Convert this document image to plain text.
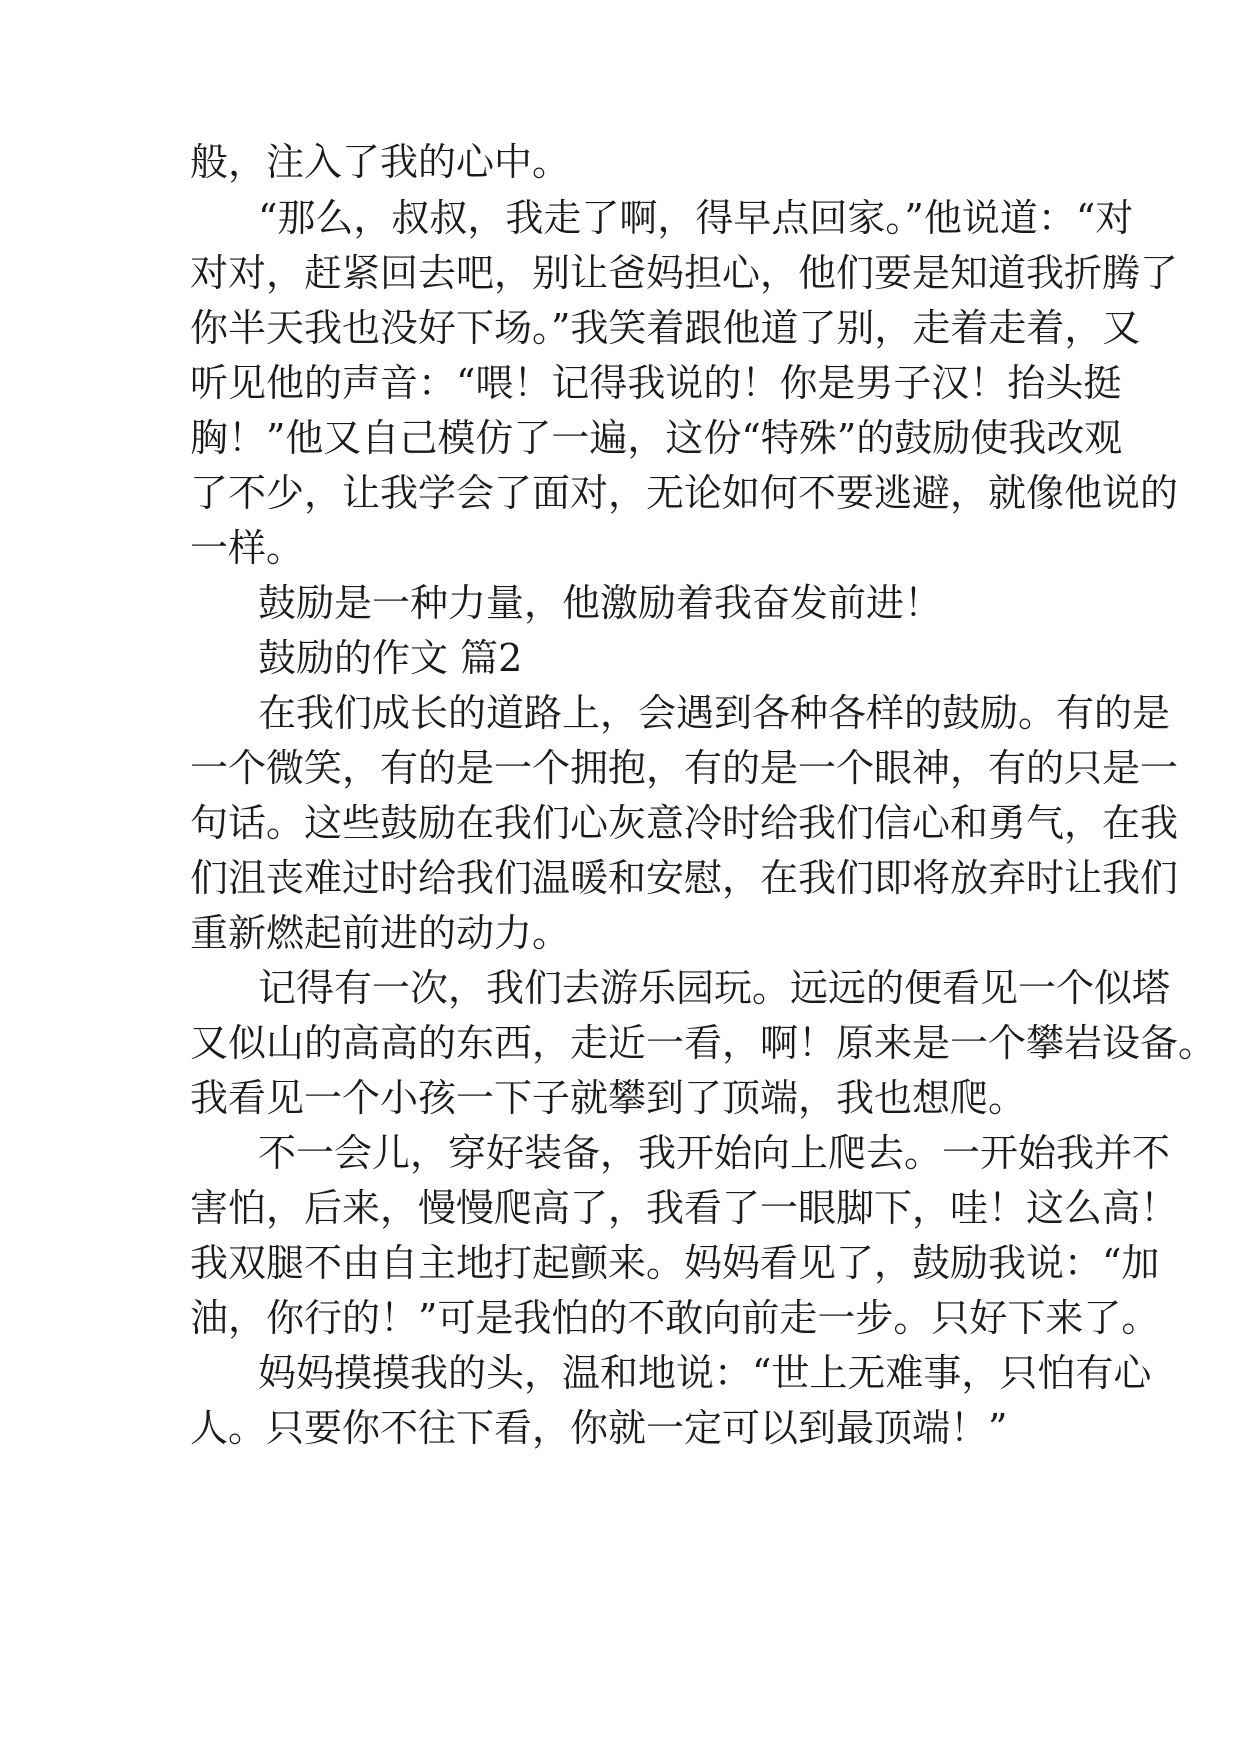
般，注入了我的心中。
“那么，叔叔，我走了啊，得早点回家。”他说道：“对
对对，赶紧回去吧，别让爸妈担心，他们要是知道我折腾了
你半天我也没好下场。”我笑着跟他道了别，走着走着，又
听见他的声音：“喂！记得我说的！你是男子汉！抬头挺
胸！”他又自己模仿了一遍，这份“特殊”的鼓励使我改观
了不少，让我学会了面对，无论如何不要逃避，就像他说的
一样。
鼓励是一种力量，他激励着我奋发前进！
鼓励的作文 篇2
在我们成长的道路上，会遇到各种各样的鼓励。有的是
一个微笑，有的是一个拥抱，有的是一个眼神，有的只是一
句话。这些鼓励在我们心灰意冷时给我们信心和勇气，在我
们沮丧难过时给我们温暖和安慰，在我们即将放弃时让我们
重新燃起前进的动力。
记得有一次，我们去游乐园玩。远远的便看见一个似塔
又似山的高高的东西，走近一看，啊！原来是一个攀岩设备。
我看见一个小孩一下子就攀到了顶端，我也想爬。
不一会儿，穿好装备，我开始向上爬去。一开始我并不
害怕，后来，慢慢爬高了，我看了一眼脚下，哇！这么高！
我双腿不由自主地打起颤来。妈妈看见了，鼓励我说：“加
油，你行的！”可是我怕的不敢向前走一步。只好下来了。
妈妈摸摸我的头，温和地说：“世上无难事，只怕有心
人。只要你不往下看，你就一定可以到最顶端！”
